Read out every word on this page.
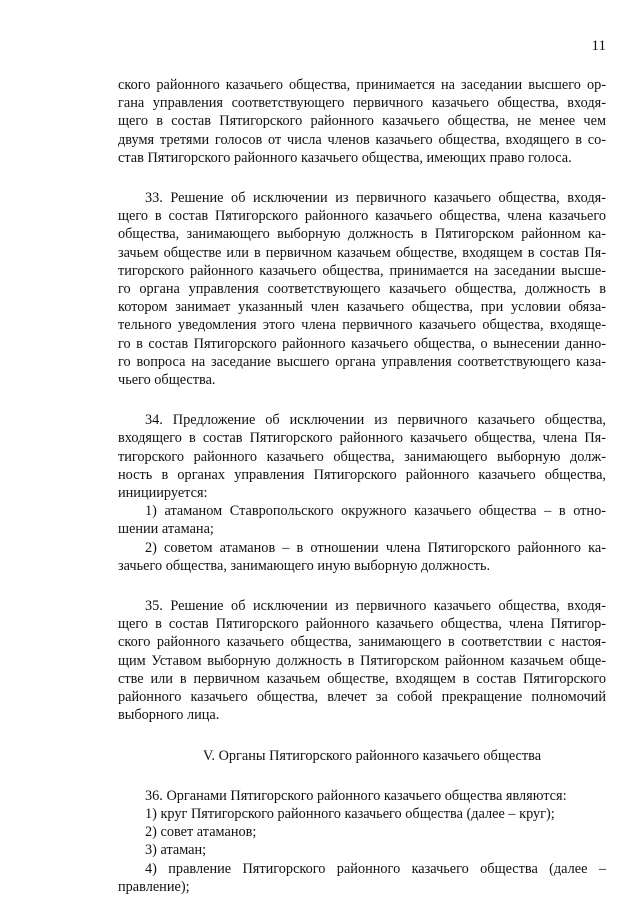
11
ского районного казачьего общества, принимается на заседании высшего ор-
гана управления соответствующего первичного казачьего общества, входя-
щего в состав Пятигорского районного казачьего общества, не менее чем
двумя третями голосов от числа членов казачьего общества, входящего в со-
став Пятигорского районного казачьего общества, имеющих право голоса.
33. Решение об исключении из первичного казачьего общества, входя-
щего в состав Пятигорского районного казачьего общества, члена казачьего
общества, занимающего выборную должность в Пятигорском районном ка-
зачьем обществе или в первичном казачьем обществе, входящем в состав Пя-
тигорского районного казачьего общества, принимается на заседании высше-
го органа управления соответствующего казачьего общества, должность в
котором занимает указанный член казачьего общества, при условии обяза-
тельного уведомления этого члена первичного казачьего общества, входяще-
го в состав Пятигорского районного казачьего общества, о вынесении данно-
го вопроса на заседание высшего органа управления соответствующего каза-
чьего общества.
34. Предложение об исключении из первичного казачьего общества,
входящего в состав Пятигорского районного казачьего общества, члена Пя-
тигорского районного казачьего общества, занимающего выборную долж-
ность в органах управления Пятигорского районного казачьего общества,
инициируется:
1) атаманом Ставропольского окружного казачьего общества – в отно-
шении атамана;
2) советом атаманов – в отношении члена Пятигорского районного ка-
зачьего общества, занимающего иную выборную должность.
35. Решение об исключении из первичного казачьего общества, входя-
щего в состав Пятигорского районного казачьего общества, члена Пятигор-
ского районного казачьего общества, занимающего в соответствии с настоя-
щим Уставом выборную должность в Пятигорском районном казачьем обще-
стве или в первичном казачьем обществе, входящем в состав Пятигорского
районного казачьего общества, влечет за собой прекращение полномочий
выборного лица.
V. Органы Пятигорского районного казачьего общества
36. Органами Пятигорского районного казачьего общества являются:
1) круг Пятигорского районного казачьего общества (далее – круг);
2) совет атаманов;
3) атаман;
4) правление Пятигорского районного казачьего общества (далее –
правление);
